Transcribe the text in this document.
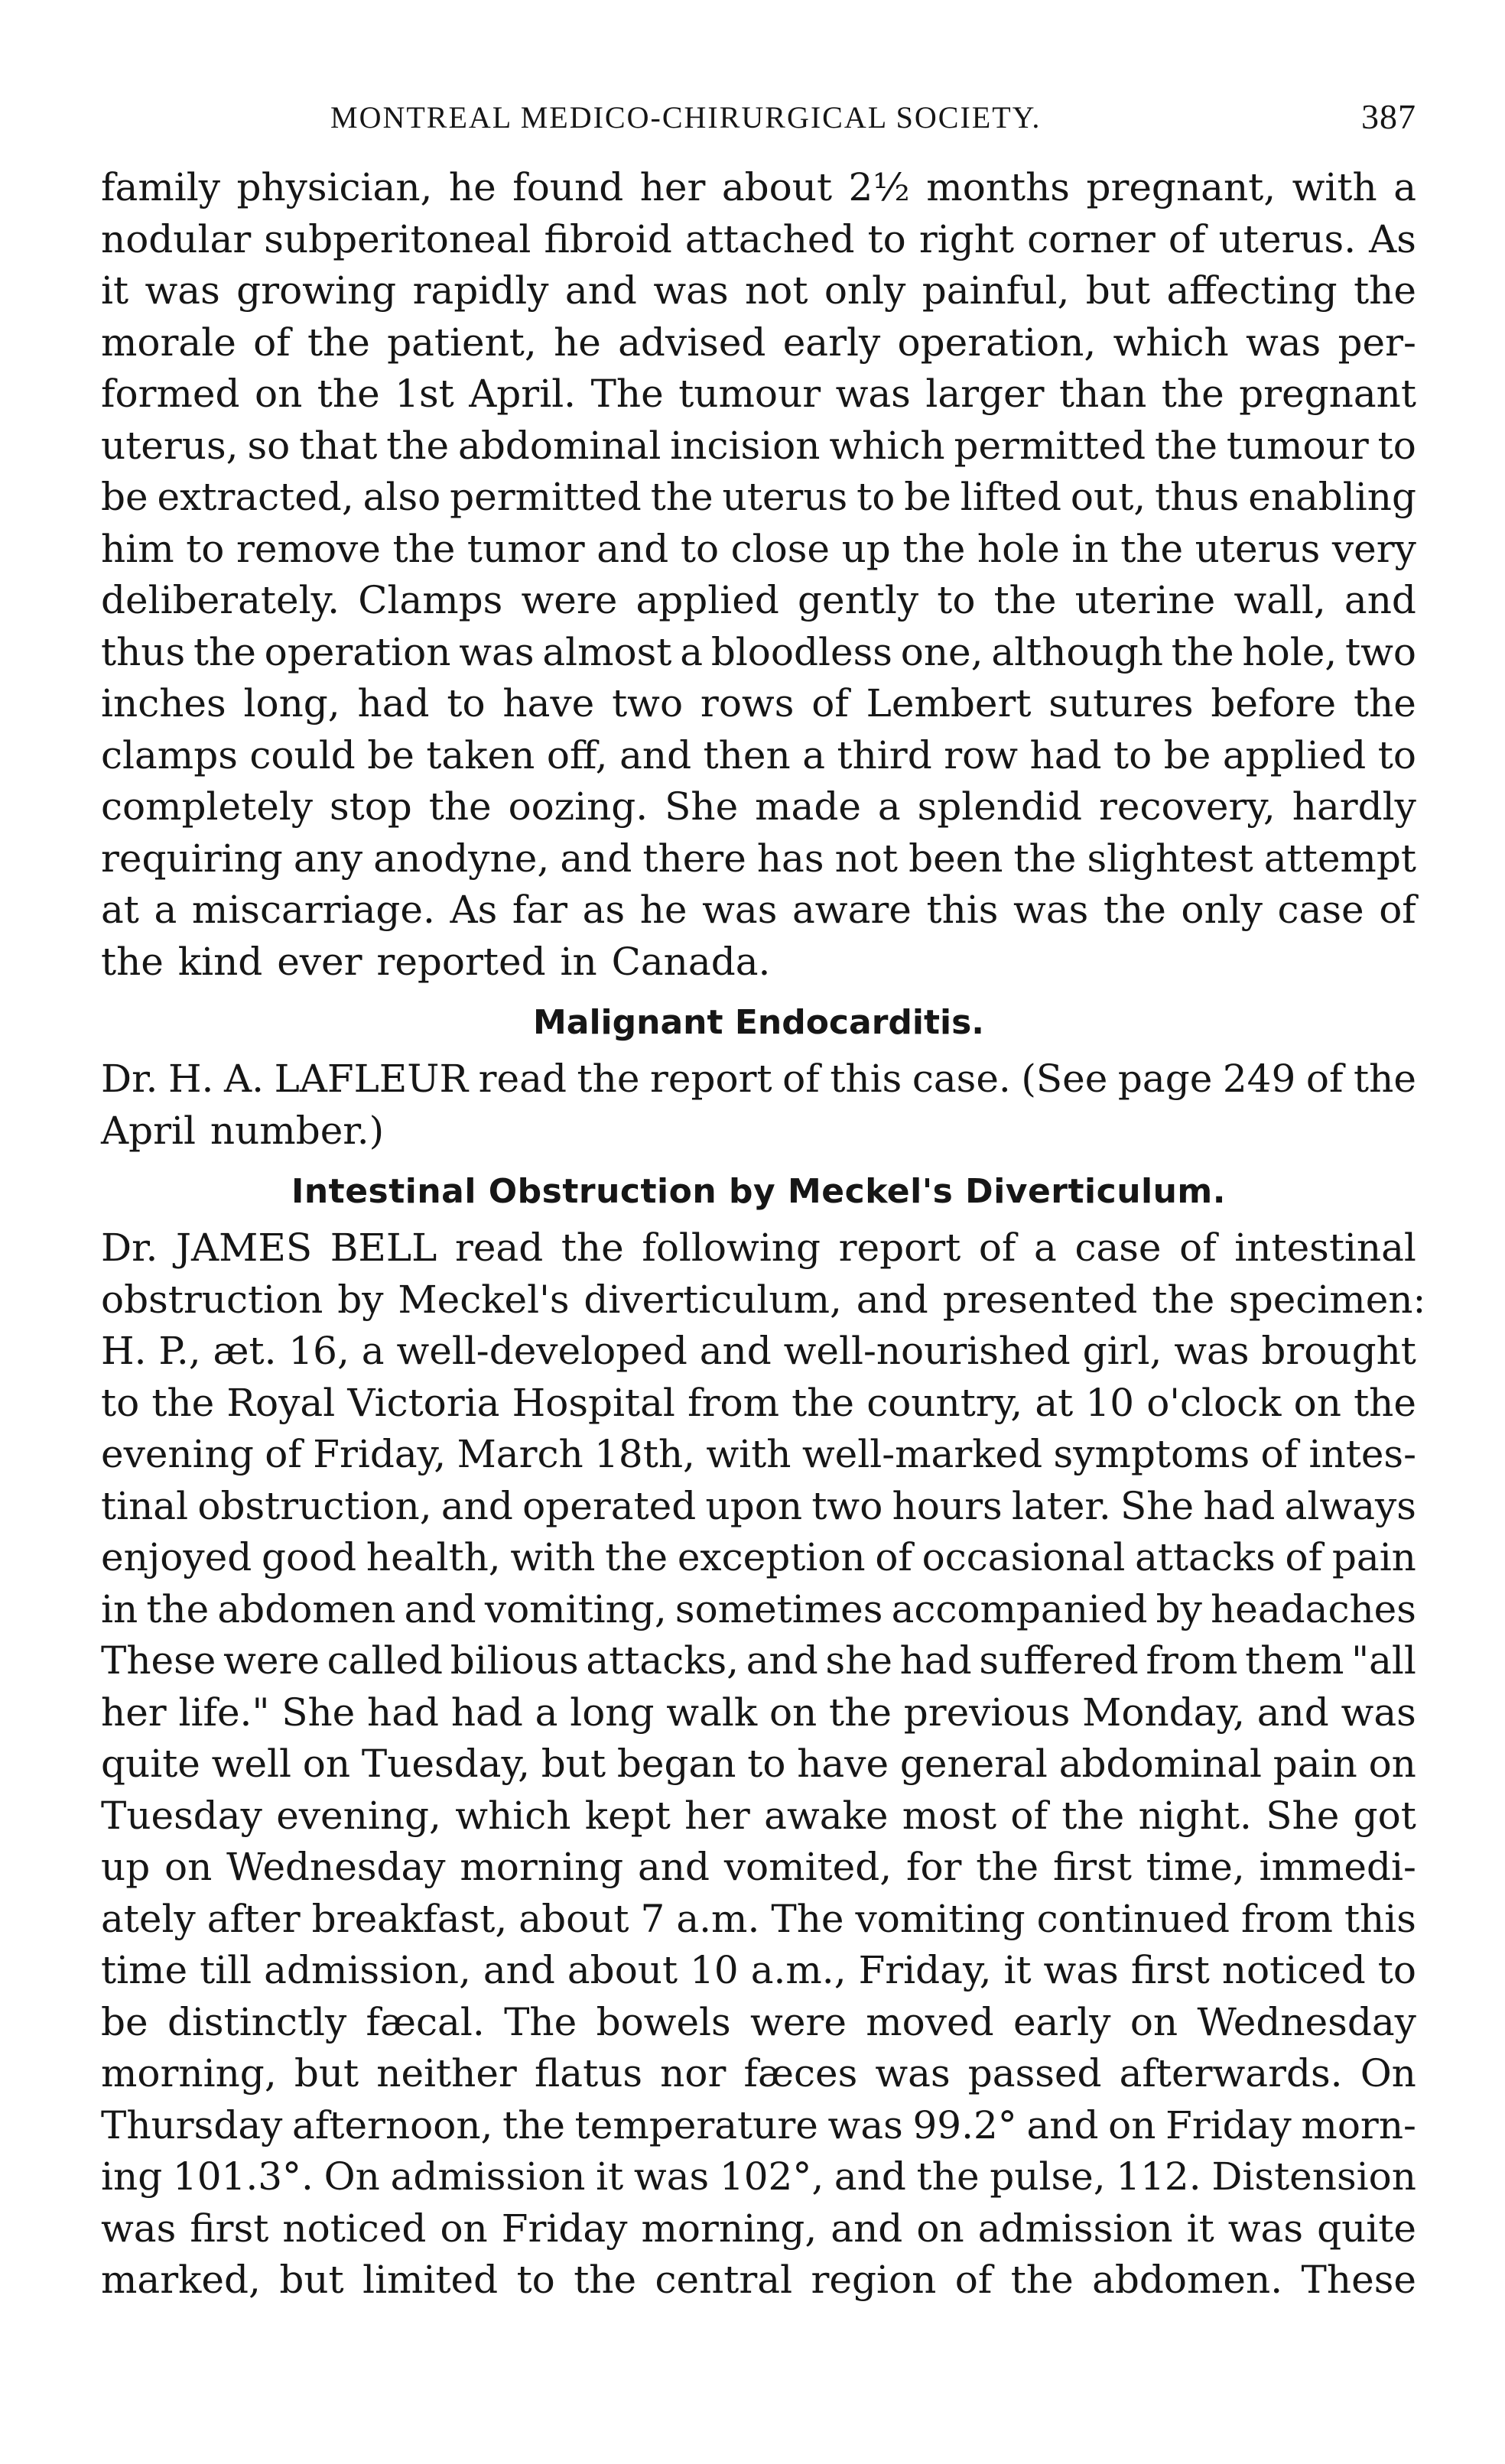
MONTREAL MEDICO-CHIRURGICAL SOCIETY.	387
family physician, he found her about 2½ months pregnant, with a
nodular subperitoneal fibroid attached to right corner of uterus. As
it was growing rapidly and was not only painful, but affecting the
morale of the patient, he advised early operation, which was per-
formed on the 1st April. The tumour was larger than the pregnant
uterus, so that the abdominal incision which permitted the tumour to
be extracted, also permitted the uterus to be lifted out, thus enabling
him to remove the tumor and to close up the hole in the uterus very
deliberately. Clamps were applied gently to the uterine wall, and
thus the operation was almost a bloodless one, although the hole, two
inches long, had to have two rows of Lembert sutures before the
clamps could be taken off, and then a third row had to be applied to
completely stop the oozing. She made a splendid recovery, hardly
requiring any anodyne, and there has not been the slightest attempt
at a miscarriage. As far as he was aware this was the only case of
the kind ever reported in Canada.
Malignant Endocarditis.
Dr. H. A. LAFLEUR read the report of this case. (See page 249 of the
April number.)
Intestinal Obstruction by Meckel's Diverticulum.
Dr. JAMES BELL read the following report of a case of intestinal
obstruction by Meckel's diverticulum, and presented the specimen:
H. P., æt. 16, a well-developed and well-nourished girl, was brought
to the Royal Victoria Hospital from the country, at 10 o'clock on the
evening of Friday, March 18th, with well-marked symptoms of intes-
tinal obstruction, and operated upon two hours later. She had always
enjoyed good health, with the exception of occasional attacks of pain
in the abdomen and vomiting, sometimes accompanied by headaches
These were called bilious attacks, and she had suffered from them "all
her life." She had had a long walk on the previous Monday, and was
quite well on Tuesday, but began to have general abdominal pain on
Tuesday evening, which kept her awake most of the night. She got
up on Wednesday morning and vomited, for the first time, immedi-
ately after breakfast, about 7 a.m. The vomiting continued from this
time till admission, and about 10 a.m., Friday, it was first noticed to
be distinctly fæcal. The bowels were moved early on Wednesday
morning, but neither flatus nor fæces was passed afterwards. On
Thursday afternoon, the temperature was 99.2° and on Friday morn-
ing 101.3°. On admission it was 102°, and the pulse, 112. Distension
was first noticed on Friday morning, and on admission it was quite
marked, but limited to the central region of the abdomen. These
